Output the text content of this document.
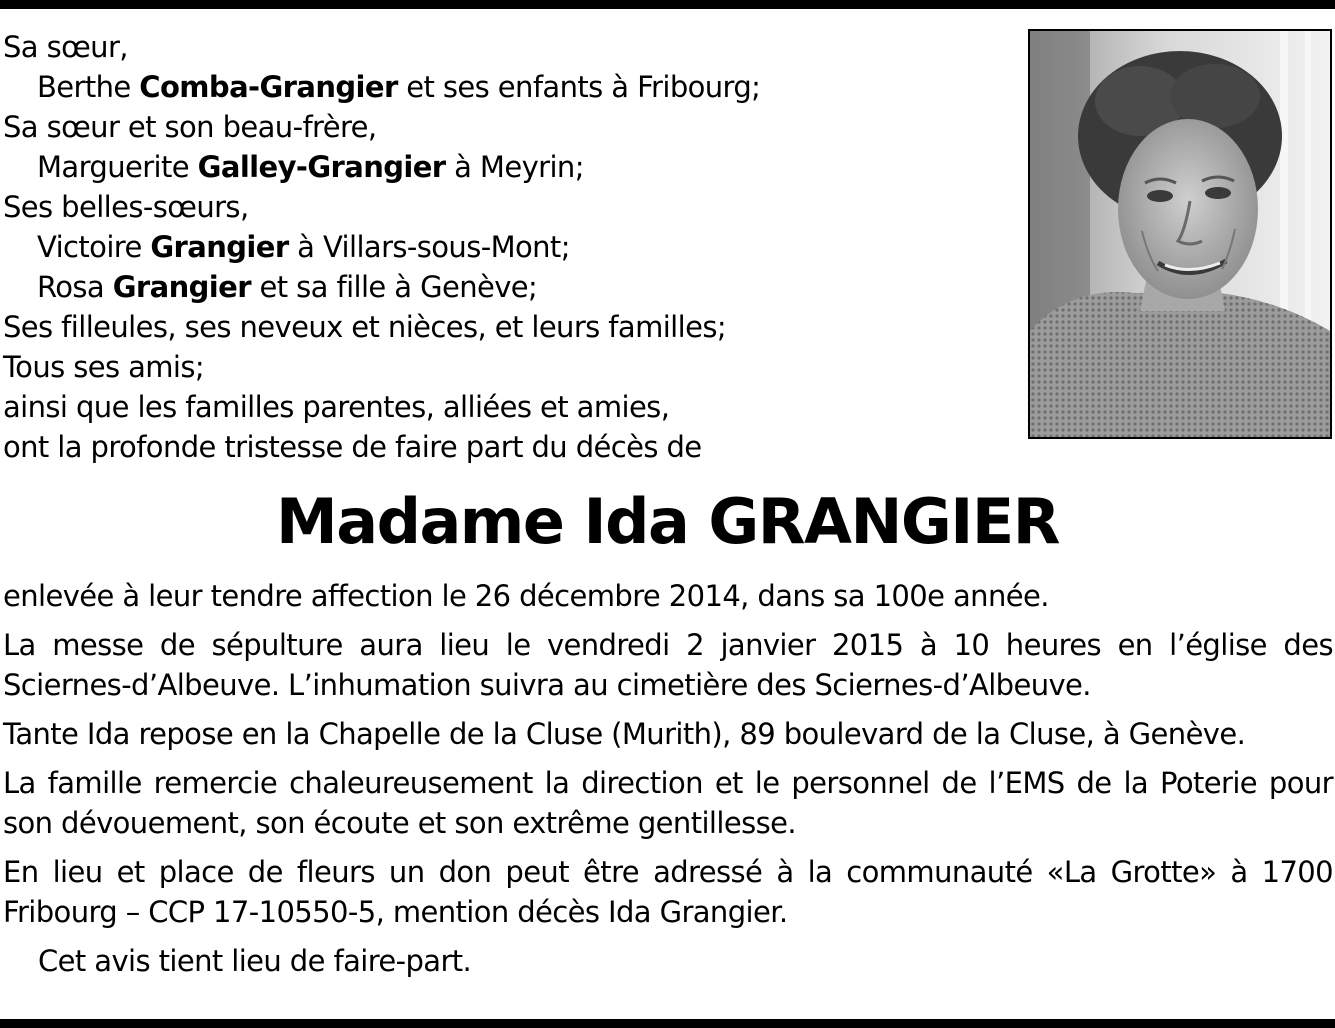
Sa sœur,
Berthe Comba-Grangier et ses enfants à Fribourg;
Sa sœur et son beau-frère,
Marguerite Galley-Grangier à Meyrin;
Ses belles-sœurs,
Victoire Grangier à Villars-sous-Mont;
Rosa Grangier et sa fille à Genève;
Ses filleules, ses neveux et nièces, et leurs familles;
Tous ses amis;
ainsi que les familles parentes, alliées et amies,
ont la profonde tristesse de faire part du décès de
Madame Ida GRANGIER

enlevée à leur tendre affection le 26 décembre 2014, dans sa 100e année.

La messe de sépulture aura lieu le vendredi 2 janvier 2015 à 10 heures en l’église des Sciernes-d’Albeuve. L’inhumation suivra au cimetière des Sciernes-d’Albeuve.

Tante Ida repose en la Chapelle de la Cluse (Murith), 89 boulevard de la Cluse, à Genève.

La famille remercie chaleureusement la direction et le personnel de l’EMS de la Poterie pour son dévouement, son écoute et son extrême gentillesse.

En lieu et place de fleurs un don peut être adressé à la communauté «La Grotte» à 1700 Fribourg – CCP 17-10550-5, mention décès Ida Grangier.

Cet avis tient lieu de faire-part.
